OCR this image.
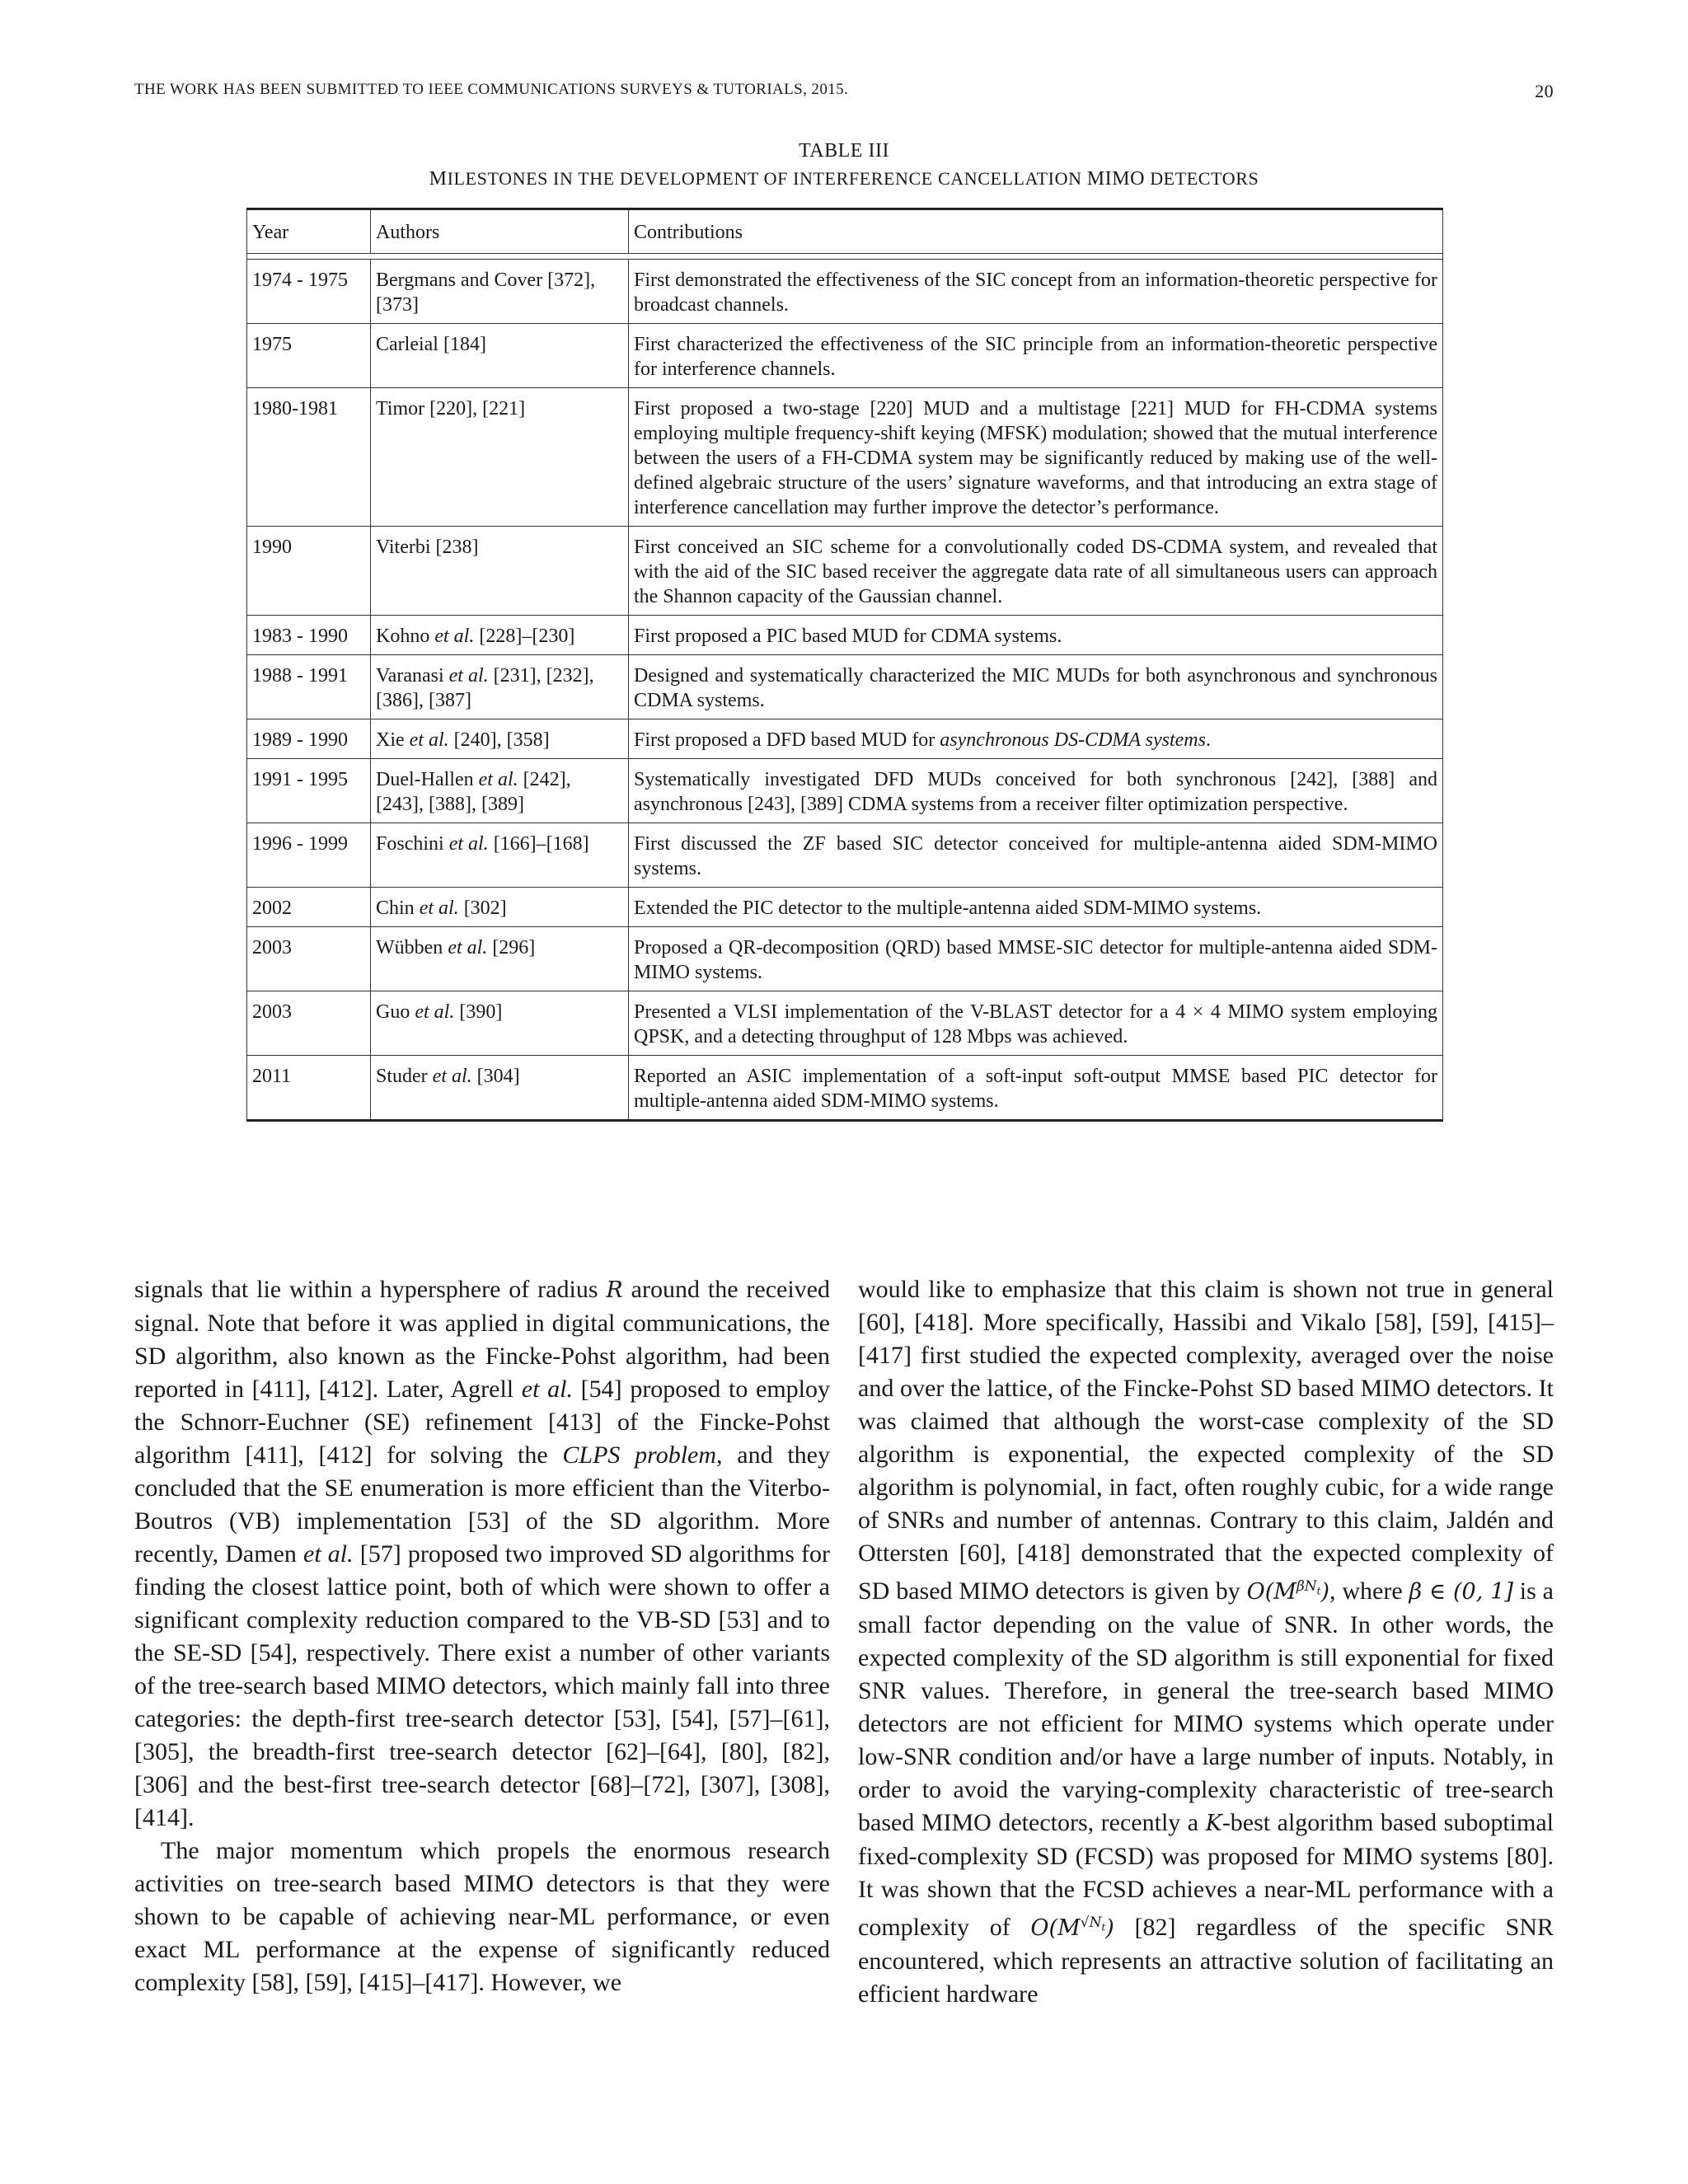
THE WORK HAS BEEN SUBMITTED TO IEEE COMMUNICATIONS SURVEYS & TUTORIALS, 2015.	20
TABLE III
MILESTONES IN THE DEVELOPMENT OF INTERFERENCE CANCELLATION MIMO DETECTORS
Year	Authors	Contributions

1974 - 1975	Bergmans and Cover [372], [373]	First demonstrated the effectiveness of the SIC concept from an information-theoretic perspective for broadcast channels.
1975	Carleial [184]	First characterized the effectiveness of the SIC principle from an information-theoretic perspective for interference channels.
1980-1981	Timor [220], [221]	First proposed a two-stage [220] MUD and a multistage [221] MUD for FH-CDMA systems employing multiple frequency-shift keying (MFSK) modulation; showed that the mutual interference between the users of a FH-CDMA system may be significantly reduced by making use of the well-defined algebraic structure of the users’ signature waveforms, and that introducing an extra stage of interference cancellation may further improve the detector’s performance.
1990	Viterbi [238]	First conceived an SIC scheme for a convolutionally coded DS-CDMA system, and revealed that with the aid of the SIC based receiver the aggregate data rate of all simultaneous users can approach the Shannon capacity of the Gaussian channel.
1983 - 1990	Kohno et al. [228]–[230]	First proposed a PIC based MUD for CDMA systems.
1988 - 1991	Varanasi et al. [231], [232], [386], [387]	Designed and systematically characterized the MIC MUDs for both asynchronous and synchronous CDMA systems.
1989 - 1990	Xie et al. [240], [358]	First proposed a DFD based MUD for asynchronous DS-CDMA systems.
1991 - 1995	Duel-Hallen et al. [242], [243], [388], [389]	Systematically investigated DFD MUDs conceived for both synchronous [242], [388] and asynchronous [243], [389] CDMA systems from a receiver filter optimization perspective.
1996 - 1999	Foschini et al. [166]–[168]	First discussed the ZF based SIC detector conceived for multiple-antenna aided SDM-MIMO systems.
2002	Chin et al. [302]	Extended the PIC detector to the multiple-antenna aided SDM-MIMO systems.
2003	Wübben et al. [296]	Proposed a QR-decomposition (QRD) based MMSE-SIC detector for multiple-antenna aided SDM-MIMO systems.
2003	Guo et al. [390]	Presented a VLSI implementation of the V-BLAST detector for a 4 × 4 MIMO system employing QPSK, and a detecting throughput of 128 Mbps was achieved.
2011	Studer et al. [304]	Reported an ASIC implementation of a soft-input soft-output MMSE based PIC detector for multiple-antenna aided SDM-MIMO systems.

signals that lie within a hypersphere of radius R around the received signal. Note that before it was applied in digital communications, the SD algorithm, also known as the Fincke-Pohst algorithm, had been reported in [411], [412]. Later, Agrell et al. [54] proposed to employ the Schnorr-Euchner (SE) refinement [413] of the Fincke-Pohst algorithm [411], [412] for solving the CLPS problem, and they concluded that the SE enumeration is more efficient than the Viterbo-Boutros (VB) implementation [53] of the SD algorithm. More recently, Damen et al. [57] proposed two improved SD algorithms for finding the closest lattice point, both of which were shown to offer a significant complexity reduction compared to the VB-SD [53] and to the SE-SD [54], respectively. There exist a number of other variants of the tree-search based MIMO detectors, which mainly fall into three categories: the depth-first tree-search detector [53], [54], [57]–[61], [305], the breadth-first tree-search detector [62]–[64], [80], [82], [306] and the best-first tree-search detector [68]–[72], [307], [308], [414].

The major momentum which propels the enormous research activities on tree-search based MIMO detectors is that they were shown to be capable of achieving near-ML performance, or even exact ML performance at the expense of significantly reduced complexity [58], [59], [415]–[417]. However, we

would like to emphasize that this claim is shown not true in general [60], [418]. More specifically, Hassibi and Vikalo [58], [59], [415]–[417] first studied the expected complexity, averaged over the noise and over the lattice, of the Fincke-Pohst SD based MIMO detectors. It was claimed that although the worst-case complexity of the SD algorithm is exponential, the expected complexity of the SD algorithm is polynomial, in fact, often roughly cubic, for a wide range of SNRs and number of antennas. Contrary to this claim, Jaldén and Ottersten [60], [418] demonstrated that the expected complexity of SD based MIMO detectors is given by $O(M^{\beta N_t})$, where β ∈ (0, 1] is a small factor depending on the value of SNR. In other words, the expected complexity of the SD algorithm is still exponential for fixed SNR values. Therefore, in general the tree-search based MIMO detectors are not efficient for MIMO systems which operate under low-SNR condition and/or have a large number of inputs. Notably, in order to avoid the varying-complexity characteristic of tree-search based MIMO detectors, recently a K-best algorithm based suboptimal fixed-complexity SD (FCSD) was proposed for MIMO systems [80]. It was shown that the FCSD achieves a near-ML performance with a complexity of $O(M^{√N_t})$ [82] regardless of the specific SNR encountered, which represents an attractive solution of facilitating an efficient hardware
